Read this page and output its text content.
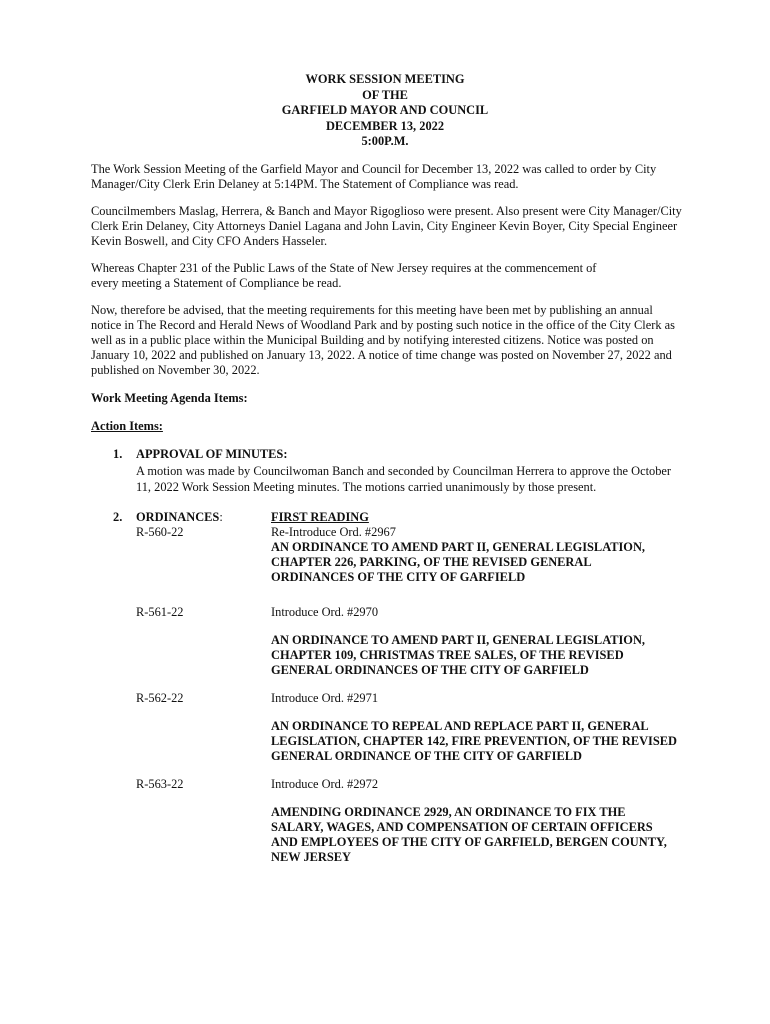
WORK SESSION MEETING
OF THE
GARFIELD MAYOR AND COUNCIL
DECEMBER 13, 2022
5:00P.M.

The Work Session Meeting of the Garfield Mayor and Council for December 13, 2022 was called to order by City Manager/City Clerk Erin Delaney at 5:14PM. The Statement of Compliance was read.

Councilmembers Maslag, Herrera, & Banch and Mayor Rigoglioso were present. Also present were City Manager/City Clerk Erin Delaney, City Attorneys Daniel Lagana and John Lavin, City Engineer Kevin Boyer, City Special Engineer Kevin Boswell, and City CFO Anders Hasseler.

Whereas Chapter 231 of the Public Laws of the State of New Jersey requires at the commencement of every meeting a Statement of Compliance be read.

Now, therefore be advised, that the meeting requirements for this meeting have been met by publishing an annual notice in The Record and Herald News of Woodland Park and by posting such notice in the office of the City Clerk as well as in a public place within the Municipal Building and by notifying interested citizens. Notice was posted on January 10, 2022 and published on January 13, 2022. A notice of time change was posted on November 27, 2022 and published on November 30, 2022.

Work Meeting Agenda Items:

Action Items:

1. APPROVAL OF MINUTES:
A motion was made by Councilwoman Banch and seconded by Councilman Herrera to approve the October 11, 2022 Work Session Meeting minutes. The motions carried unanimously by those present.
2. ORDINANCES:	FIRST READING
R-560-22	Re-Introduce Ord. #2967
AN ORDINANCE TO AMEND PART II, GENERAL LEGISLATION, CHAPTER 226, PARKING, OF THE REVISED GENERAL ORDINANCES OF THE CITY OF GARFIELD
R-561-22	Introduce Ord. #2970
AN ORDINANCE TO AMEND PART II, GENERAL LEGISLATION, CHAPTER 109, CHRISTMAS TREE SALES, OF THE REVISED GENERAL ORDINANCES OF THE CITY OF GARFIELD
R-562-22	Introduce Ord. #2971
AN ORDINANCE TO REPEAL AND REPLACE PART II, GENERAL LEGISLATION, CHAPTER 142, FIRE PREVENTION, OF THE REVISED GENERAL ORDINANCE OF THE CITY OF GARFIELD
R-563-22	Introduce Ord. #2972
AMENDING ORDINANCE 2929, AN ORDINANCE TO FIX THE SALARY, WAGES, AND COMPENSATION OF CERTAIN OFFICERS AND EMPLOYEES OF THE CITY OF GARFIELD, BERGEN COUNTY, NEW JERSEY
